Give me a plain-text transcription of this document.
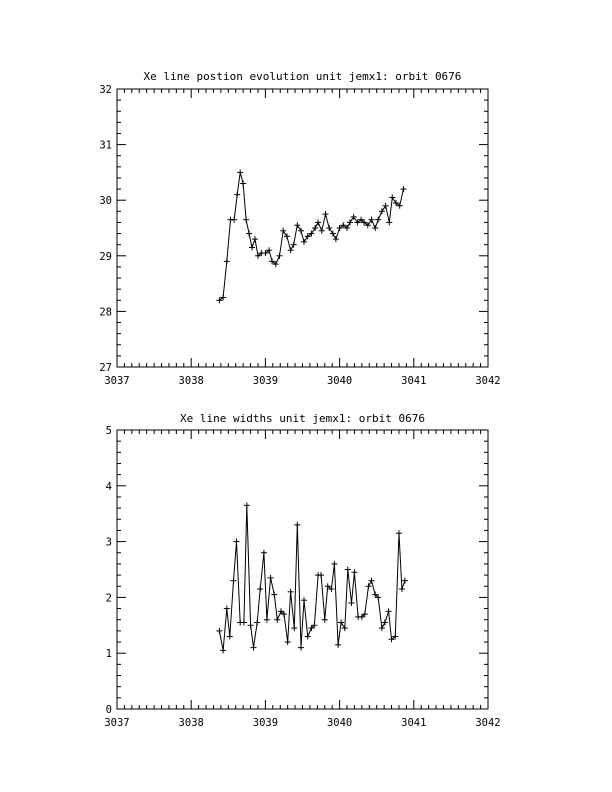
Xe line postion evolution unit jemx1: orbit 0676
3037	3038	3039	3040	3041	3042
27
28
29
30
31
32
Xe line widths unit jemx1: orbit 0676
3037	3038	3039	3040	3041	3042
0
1
2
3
4
5
